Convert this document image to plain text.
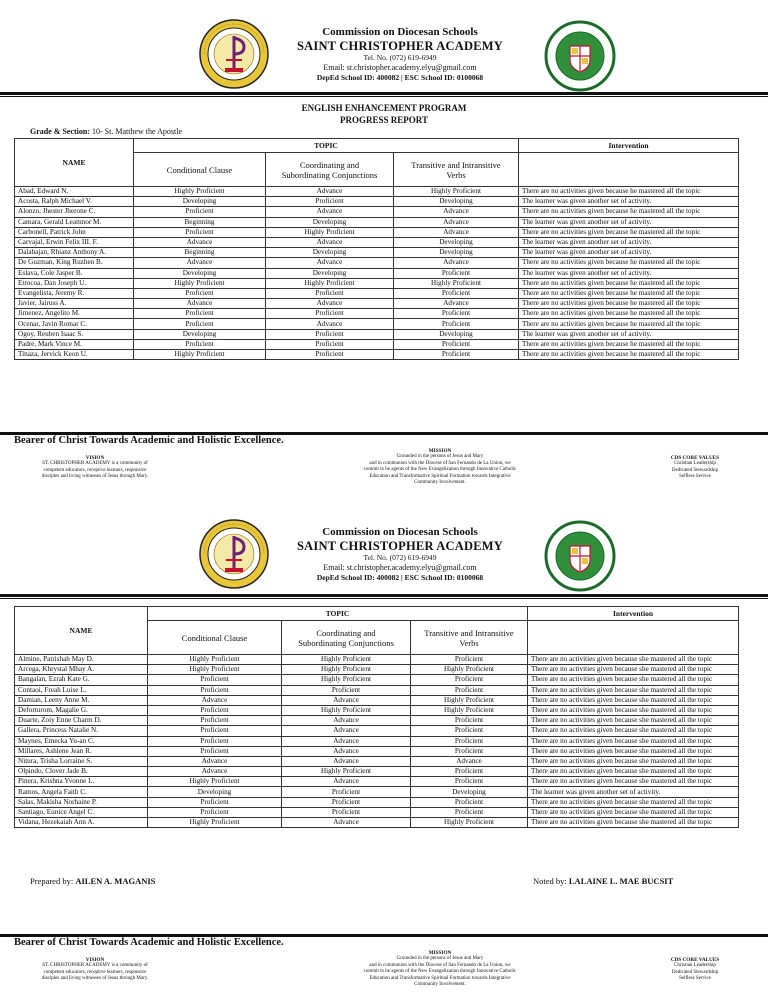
Commission on Diocesan Schools
SAINT CHRISTOPHER ACADEMY
Tel. No. (072) 619-6949
Email: st.christopher.academy.elyu@gmail.com
DepEd School ID: 400082 | ESC School ID: 0100068
ENGLISH ENHANCEMENT PROGRAM
PROGRESS REPORT
Grade & Section: 10- St. Matthew the Apostle
NAME	TOPIC			Intervention
	Conditional Clause	Coordinating and
Subordinating Conjunctions	Transitive and Intransitive
Verbs	
Abad, Edward N.	Highly Proficient	Advance	Highly Proficient	There are no activities given because he mastered all the topic
Acosta, Ralph Michael V.	Developing	Proficient	Developing	The learner was given another set of activity.
Alonzo, Jhester Jherone C.	Proficient	Advance	Advance	There are no activities given because he mastered all the topic
Camara, Gerald Leamnor M.	Beginning	Developing	Advance	The learner was given another set of activity.
Carbonell, Patrick John	Proficient	Highly Proficient	Advance	There are no activities given because he mastered all the topic
Carvajal, Erwin Felix III. F.	Advance	Advance	Developing	The learner was given another set of activity.
Dalabajan, Rhianz Anthony A.	Beginning	Developing	Developing	The learner was given another set of activity.
De Guzman, King Ruzhen B.	Advance	Advance	Advance	There are no activities given because he mastered all the topic
Eslava, Cole Jasper B.	Developing	Developing	Proficient	The learner was given another set of activity.
Etrocoa, Dan Joseph U.	Highly Proficient	Highly Proficient	Highly Proficient	There are no activities given because he mastered all the topic
Evangelista, Jeremy R.	Proficient	Proficient	Proficient	There are no activities given because he mastered all the topic
Javier, Jairuss A.	Advance	Advance	Advance	There are no activities given because he mastered all the topic
Jimenez, Angelito M.	Proficient	Proficient	Proficient	There are no activities given because he mastered all the topic
Ocenar, Javin Romar C.	Proficient	Advance	Proficient	There are no activities given because he mastered all the topic
Ogoy, Reuben Isaac S.	Developing	Proficient	Developing	The learner was given another set of activity.
Padre, Mark Vince M.	Proficient	Proficient	Proficient	There are no activities given because he mastered all the topic
Tinaza, Jervick Keon U.	Highly Proficient	Proficient	Proficient	There are no activities given because he mastered all the topic
Bearer of Christ Towards Academic and Holistic Excellence.
VISION
ST. CHRISTOPHER ACADEMY is a community of
competent educators, receptive learners, responsive
disciples and living witnesses of Jesus through Mary.
MISSION
Grounded in the persons of Jesus and Mary
and in communion with the Diocese of San Fernando de La Union, we
commit to be agents of the New Evangelization through Innovative Catholic
Education and Transformative Spiritual Formation towards Integrative
Community Involvement.
CDS CORE VALUES
Christian Leadership
Dedicated Stewardship
Selfless Service
Commission on Diocesan Schools
SAINT CHRISTOPHER ACADEMY
Tel. No. (072) 619-6949
Email: st.christopher.academy.elyu@gmail.com
DepEd School ID: 400082 | ESC School ID: 0100068
NAME	TOPIC			Intervention
	Conditional Clause	Coordinating and
Subordinating Conjunctions	Transitive and Intransitive
Verbs	
Almine, Patrishah May D.	Highly Proficient	Highly Proficient	Proficient	There are no activities given because she mastered all the topic
Arcega, Khrystal Mhay A.	Highly Proficient	Highly Proficient	Highly Proficient	There are no activities given because she mastered all the topic
Bangalan, Ezrah Kate G.	Proficient	Highly Proficient	Proficient	There are no activities given because she mastered all the topic
Contaoi, Freah Luise L.	Proficient	Proficient	Proficient	There are no activities given because she mastered all the topic
Damian, Leeny Anne M.	Advance	Advance	Highly Proficient	There are no activities given because she mastered all the topic
Deforturom, Magalie G.	Proficient	Highly Proficient	Highly Proficient	There are no activities given because she mastered all the topic
Duarte, Zoiy Enne Charm D.	Proficient	Advance	Proficient	There are no activities given because she mastered all the topic
Gallera, Princess Natalie N.	Proficient	Advance	Proficient	There are no activities given because she mastered all the topic
Maynes, Emecka Yu-an C.	Proficient	Advance	Proficient	There are no activities given because she mastered all the topic
Millares, Ashlene Jean R.	Proficient	Advance	Proficient	There are no activities given because she mastered all the topic
Nitura, Trisha Lorraine S.	Advance	Advance	Advance	There are no activities given because she mastered all the topic
Olpindo, Clover Jade B.	Advance	Highly Proficient	Proficient	There are no activities given because she mastered all the topic
Pinera, Krishna Yvonne L.	Highly Proficient	Advance	Proficient	There are no activities given because she mastered all the topic
Ramos, Angela Faith C.	Developing	Proficient	Developing	The learner was given another set of activity.
Salas, Makisha Norhaine P.	Proficient	Proficient	Proficient	There are no activities given because she mastered all the topic
Santiago, Eunice Angel C.	Proficient	Proficient	Proficient	There are no activities given because she mastered all the topic
Vidana, Hezekaiah Ann A.	Highly Proficient	Advance	Highly Proficient	There are no activities given because she mastered all the topic
Prepared by: AILEN A. MAGANIS	Noted by: LALAINE L. MAE BUCSIT
Bearer of Christ Towards Academic and Holistic Excellence.
VISION
ST. CHRISTOPHER ACADEMY is a community of
competent educators, receptive learners, responsive
disciples and living witnesses of Jesus through Mary.
MISSION
Grounded in the persons of Jesus and Mary
and in communion with the Diocese of San Fernando de La Union, we
commit to be agents of the New Evangelization through Innovative Catholic
Education and Transformative Spiritual Formation towards Integrative
Community Involvement.
CDS CORE VALUES
Christian Leadership
Dedicated Stewardship
Selfless Service
